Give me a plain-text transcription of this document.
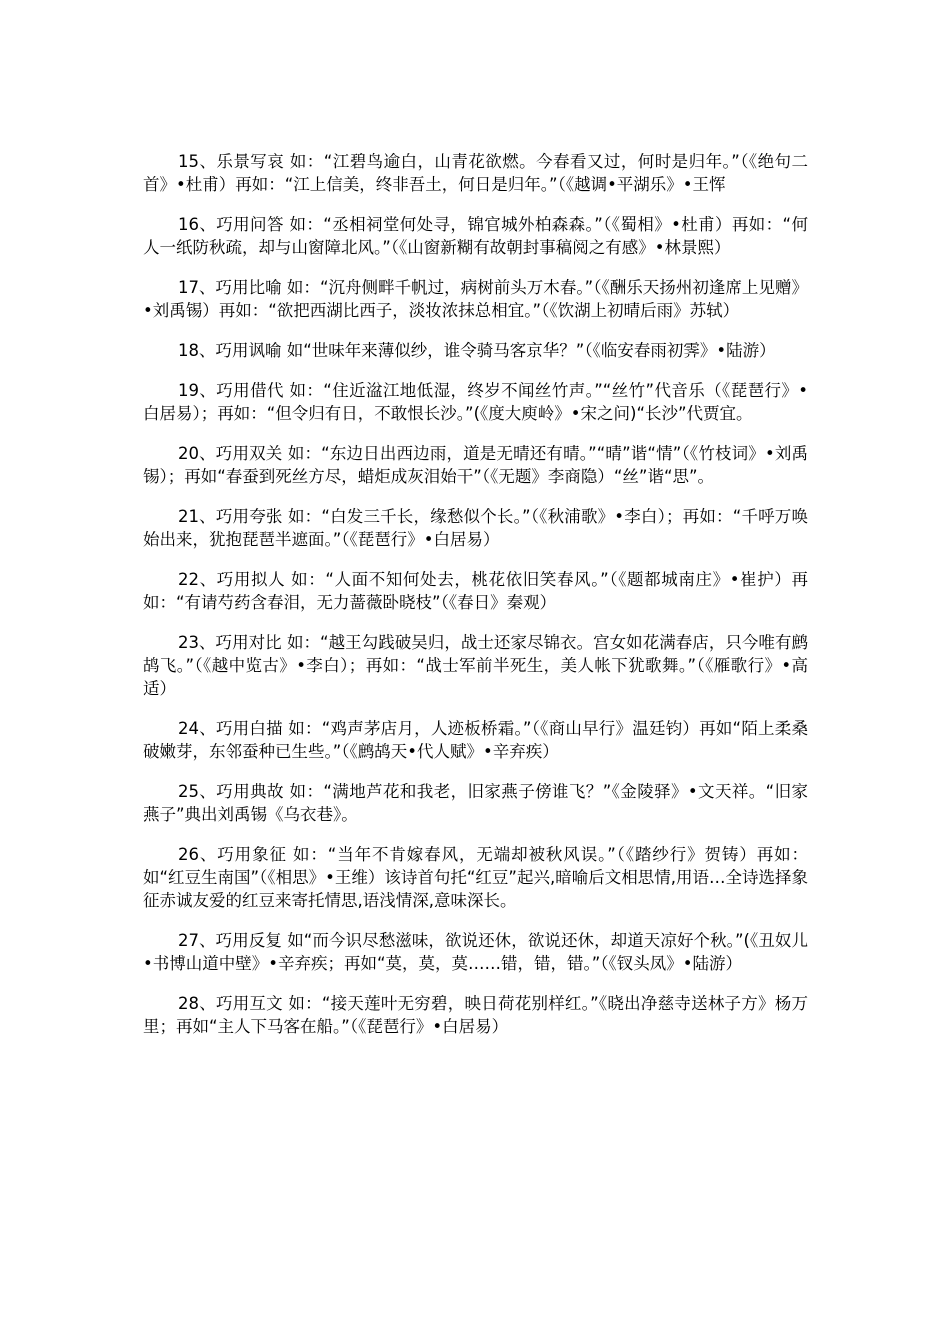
15、乐景写哀 如：“江碧鸟逾白，山青花欲燃。今春看又过，何时是归年。”（《绝句二首》•杜甫）再如：“江上信美，终非吾土，何日是归年。”（《越调•平湖乐》•王恽

16、巧用问答 如：“丞相祠堂何处寻，锦官城外柏森森。”（《蜀相》•杜甫）再如：“何人一纸防秋疏，却与山窗障北风。”（《山窗新糊有故朝封事稿阅之有感》•林景熙）

17、巧用比喻 如：“沉舟侧畔千帆过，病树前头万木春。”（《酬乐天扬州初逢席上见赠》•刘禹锡）再如：“欲把西湖比西子，淡妆浓抹总相宜。”（《饮湖上初晴后雨》苏轼）

18、巧用讽喻 如“世味年来薄似纱，谁令骑马客京华？”（《临安春雨初霁》•陆游）

19、巧用借代 如：“住近湓江地低湿，终岁不闻丝竹声。”“丝竹”代音乐（《琵琶行》•白居易）；再如：“但令归有日，不敢恨长沙。”(《度大庾岭》•宋之问)“长沙”代贾宜。

20、巧用双关 如：“东边日出西边雨，道是无晴还有晴。”“晴”谐“情”（《竹枝词》•刘禹锡）；再如“春蚕到死丝方尽，蜡炬成灰泪始干”（《无题》李商隐）“丝”谐“思”。

21、巧用夸张 如：“白发三千长，缘愁似个长。”（《秋浦歌》•李白）；再如：“千呼万唤始出来，犹抱琵琶半遮面。”（《琵琶行》•白居易）

22、巧用拟人 如：“人面不知何处去，桃花依旧笑春风。”（《题都城南庄》•崔护）再如：“有请芍药含春泪，无力蔷薇卧晓枝”（《春日》秦观）

23、巧用对比 如：“越王勾践破吴归，战士还家尽锦衣。宫女如花满春店，只今唯有鹧鸪飞。”（《越中览古》•李白）；再如：“战士军前半死生，美人帐下犹歌舞。”（《雁歌行》•高适）

24、巧用白描 如：“鸡声茅店月，人迹板桥霜。”（《商山早行》温廷钧）再如“陌上柔桑破嫩芽，东邻蚕种已生些。”（《鹧鸪天•代人赋》•辛弃疾）

25、巧用典故 如：“满地芦花和我老，旧家燕子傍谁飞？”《金陵驿》•文天祥。“旧家燕子”典出刘禹锡《乌衣巷》。

26、巧用象征 如：“当年不肯嫁春风，无端却被秋风误。”（《踏纱行》贺铸）再如：如“红豆生南国”（《相思》•王维）该诗首句托“红豆”起兴,暗喻后文相思情,用语…全诗选择象征赤诚友爱的红豆来寄托情思,语浅情深,意味深长。

27、巧用反复 如“而今识尽愁滋味，欲说还休，欲说还休，却道天凉好个秋。”(《丑奴儿•书博山道中壁》•辛弃疾；再如“莫，莫，莫……错，错，错。”（《钗头凤》•陆游）

28、巧用互文 如：“接天莲叶无穷碧，映日荷花别样红。”《晓出净慈寺送林子方》杨万里；再如“主人下马客在船。”（《琵琶行》•白居易）
